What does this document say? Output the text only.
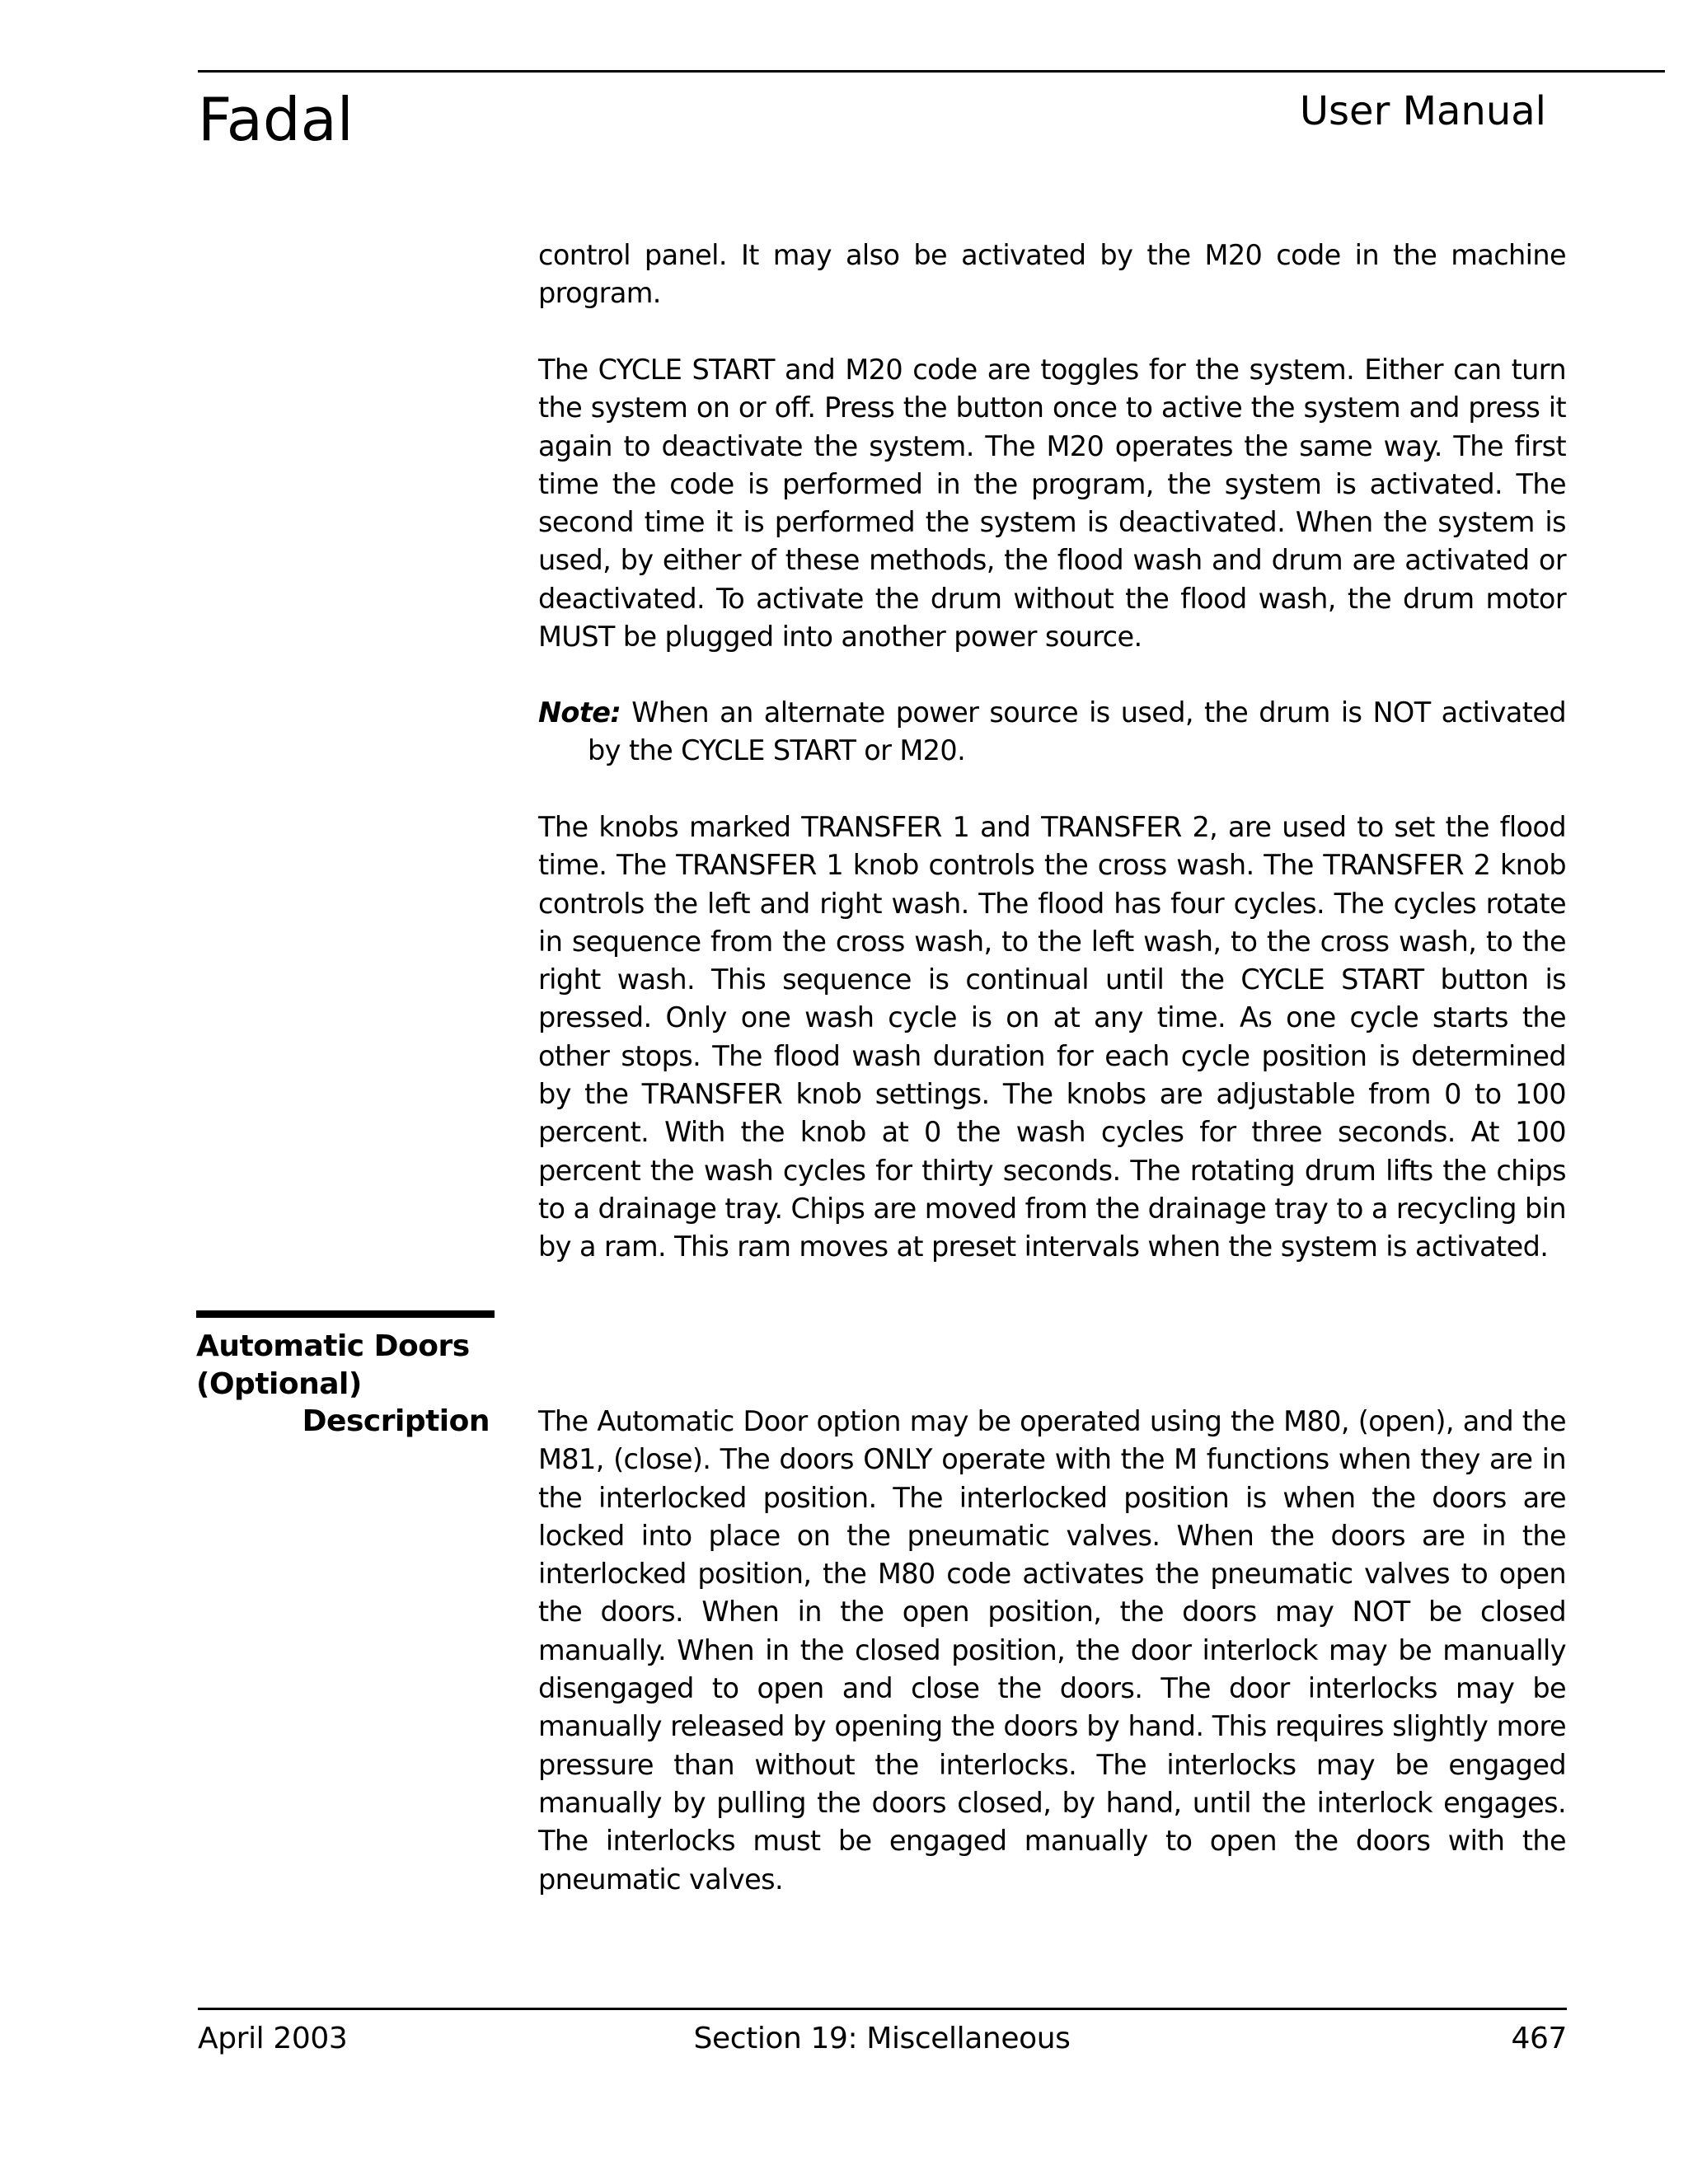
Fadal	User Manual

control panel. It may also be activated by the M20 code in the machine program.

The CYCLE START and M20 code are toggles for the system. Either can turn the system on or off. Press the button once to active the system and press it again to deactivate the system. The M20 operates the same way. The first time the code is performed in the program, the system is activated. The second time it is performed the system is deactivated. When the system is used, by either of these methods, the flood wash and drum are activated or deactivated. To activate the drum without the flood wash, the drum motor MUST be plugged into another power source.

Note: When an alternate power source is used, the drum is NOT activated by the CYCLE START or M20.

The knobs marked TRANSFER 1 and TRANSFER 2, are used to set the flood time. The TRANSFER 1 knob controls the cross wash. The TRANSFER 2 knob controls the left and right wash. The flood has four cycles. The cycles rotate in sequence from the cross wash, to the left wash, to the cross wash, to the right wash. This sequence is continual until the CYCLE START button is pressed. Only one wash cycle is on at any time. As one cycle starts the other stops. The flood wash duration for each cycle position is determined by the TRANSFER knob settings. The knobs are adjustable from 0 to 100 percent. With the knob at 0 the wash cycles for three seconds. At 100 percent the wash cycles for thirty seconds. The rotating drum lifts the chips to a drainage tray. Chips are moved from the drainage tray to a recycling bin by a ram. This ram moves at preset intervals when the system is activated.

Automatic Doors
(Optional)
Description The Automatic Door option may be operated using the M80, (open), and the M81, (close). The doors ONLY operate with the M functions when they are in the interlocked position. The interlocked position is when the doors are locked into place on the pneumatic valves. When the doors are in the interlocked position, the M80 code activates the pneumatic valves to open the doors. When in the open position, the doors may NOT be closed manually. When in the closed position, the door interlock may be manually disengaged to open and close the doors. The door interlocks may be manually released by opening the doors by hand. This requires slightly more pressure than without the interlocks. The interlocks may be engaged manually by pulling the doors closed, by hand, until the interlock engages. The interlocks must be engaged manually to open the doors with the pneumatic valves.

April 2003	Section 19: Miscellaneous	467
